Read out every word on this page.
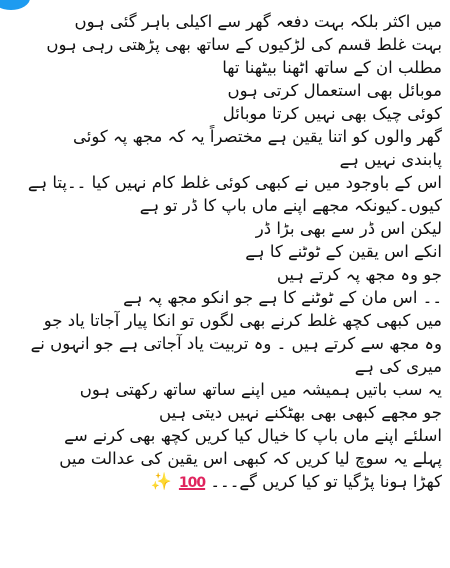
میں اکثر بلکہ بہت دفعہ گھر سے اکیلی باہر گئی ہوں
بہت غلط قسم کی لڑکیوں کے ساتھ بھی پڑھتی رہی ہوں
مطلب ان کے ساتھ اٹھنا بیٹھنا تھا
موبائل بھی استعمال کرتی ہوں
کوئی چیک بھی نہیں کرتا موبائل
گھر والوں کو اتنا یقین ہے مختصراً یہ کہ مجھ پہ کوئی
پابندی نہیں ہے
اس کے باوجود میں نے کبھی کوئی غلط کام نہیں کیا ۔۔پتا ہے
کیوں۔کیونکہ مجھے اپنے ماں باپ کا ڈر تو ہے
لیکن اس ڈر سے بھی بڑا ڈر
انکے اس یقین کے ٹوٹنے کا ہے
جو وہ مجھ پہ کرتے ہیں
۔۔ اس مان کے ٹوٹنے کا ہے جو انکو مجھ پہ ہے
میں کبھی کچھ غلط کرنے بھی لگوں تو انکا پیار آجاتا یاد جو
وہ مجھ سے کرتے ہیں ۔ وہ تربیت یاد آجاتی ہے جو انہوں نے
میری کی ہے
یہ سب باتیں ہمیشہ میں اپنے ساتھ ساتھ رکھتی ہوں
جو مجھے کبھی بھی بھٹکنے نہیں دیتی ہیں
اسلئے اپنے ماں باپ کا خیال کیا کریں کچھ بھی کرنے سے
پہلے یہ سوچ لیا کریں کہ کبھی اس یقین کی عدالت میں
کھڑا ہونا پڑگیا تو کیا کریں گے۔۔۔ 100 ✨
